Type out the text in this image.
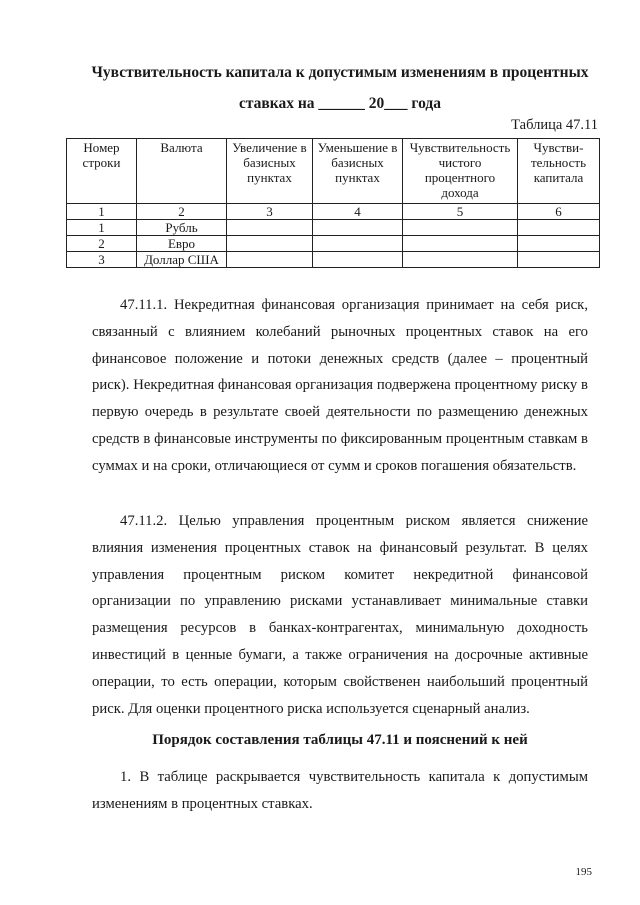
Чувствительность капитала к допустимым изменениям в процентных
ставках на ______ 20___ года
Таблица 47.11
Номер строки	Валюта	Увеличение в базисных пунктах	Уменьшение в базисных пунктах	Чувствительность чистого процентного дохода	Чувстви-тельность капитала
1	2	3	4	5	6
1	Рубль				
2	Евро				
3	Доллар США				

47.11.1. Некредитная финансовая организация принимает на себя риск, связанный с влиянием колебаний рыночных процентных ставок на его финансовое положение и потоки денежных средств (далее – процентный риск). Некредитная финансовая организация подвержена процентному риску в первую очередь в результате своей деятельности по размещению денежных средств в финансовые инструменты по фиксированным процентным ставкам в суммах и на сроки, отличающиеся от сумм и сроков погашения обязательств.

47.11.2. Целью управления процентным риском является снижение влияния изменения процентных ставок на финансовый результат. В целях управления процентным риском комитет некредитной финансовой организации по управлению рисками устанавливает минимальные ставки размещения ресурсов в банках-контрагентах, минимальную доходность инвестиций в ценные бумаги, а также ограничения на досрочные активные операции, то есть операции, которым свойственен наибольший процентный риск. Для оценки процентного риска используется сценарный анализ.

Порядок составления таблицы 47.11 и пояснений к ней

1. В таблице раскрывается чувствительность капитала к допустимым изменениям в процентных ставках.

195
